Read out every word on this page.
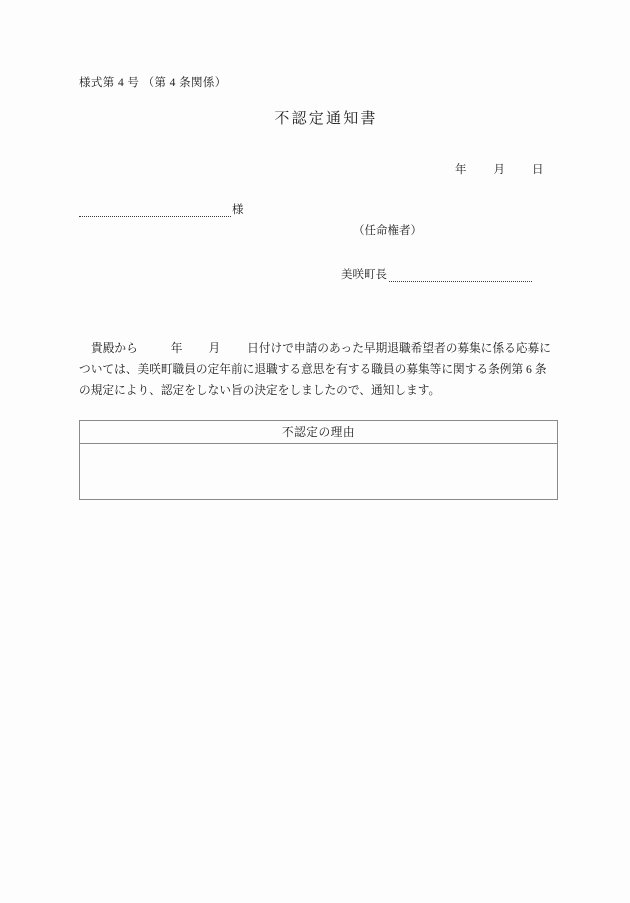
様式第 4 号 （第 4 条関係）
不認定通知書
年 月 日
様
（任命権者）
美咲町長
貴殿から	年 月 日付けで申請のあった早期退職希望者の募集に係る応募に
ついては、美咲町職員の定年前に退職する意思を有する職員の募集等に関する条例第 6 条
の規定により、認定をしない旨の決定をしましたので、通知します。
不認定の理由
